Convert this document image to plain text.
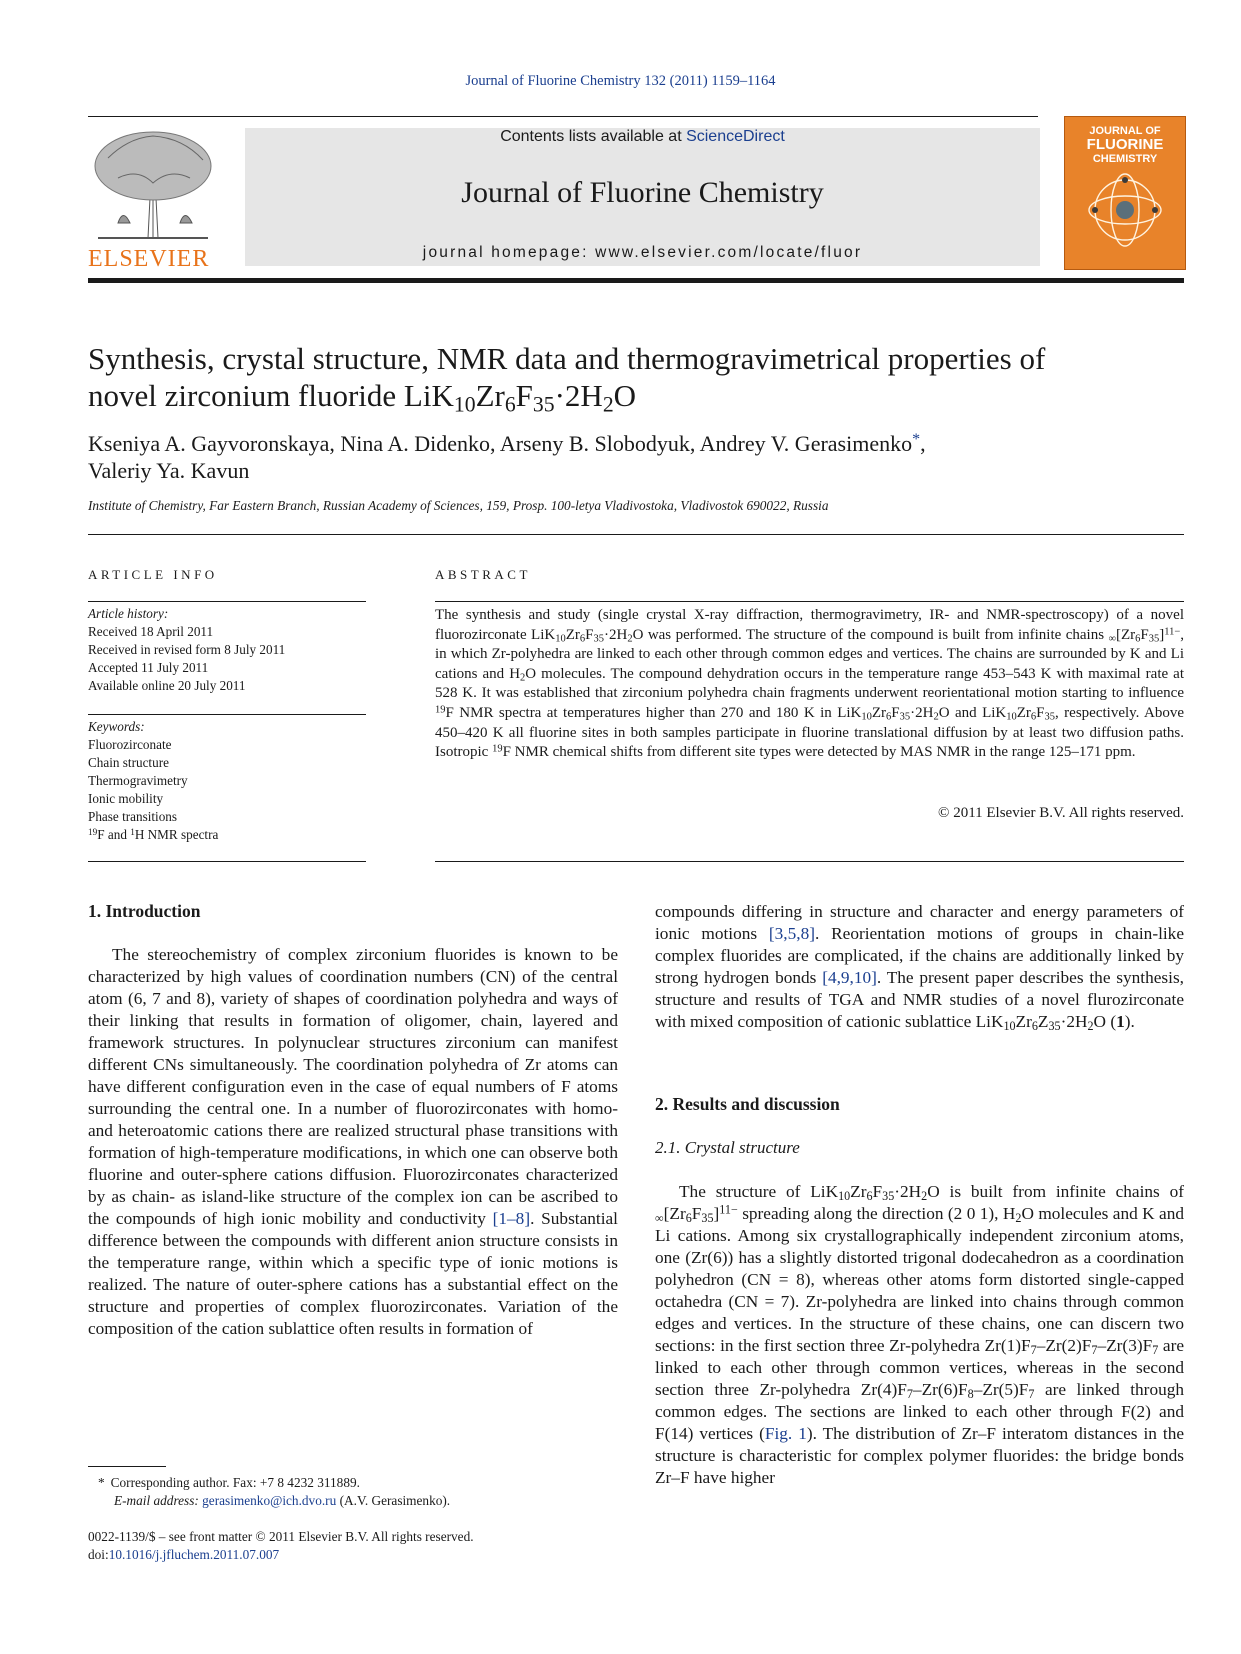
Journal of Fluorine Chemistry 132 (2011) 1159–1164
ELSEVIER
Contents lists available at ScienceDirect
Journal of Fluorine Chemistry
journal homepage: www.elsevier.com/locate/fluor
JOURNAL OF
FLUORINE
CHEMISTRY
Synthesis, crystal structure, NMR data and thermogravimetrical properties of
novel zirconium fluoride $LiK_{10}Zr_6F_{35}\cdot 2H_2O$
Kseniya A. Gayvoronskaya, Nina A. Didenko, Arseny B. Slobodyuk, Andrey V. Gerasimenko*,
Valeriy Ya. Kavun
Institute of Chemistry, Far Eastern Branch, Russian Academy of Sciences, 159, Prosp. 100-letya Vladivostoka, Vladivostok 690022, Russia
ARTICLE INFO
Article history:
Received 18 April 2011
Received in revised form 8 July 2011
Accepted 11 July 2011
Available online 20 July 2011
Keywords:
Fluorozirconate
Chain structure
Thermogravimetry
Ionic mobility
Phase transitions
$^{19}$F and $^1$H NMR spectra
ABSTRACT
The synthesis and study (single crystal X-ray diffraction, thermogravimetry, IR- and NMR-spectroscopy) of a novel fluorozirconate $LiK_{10}Zr_6F_{35}\cdot 2H_2O$ was performed. The structure of the compound is built from infinite chains $_\infty[Zr_6F_{35}]^{11-}$, in which Zr-polyhedra are linked to each other through common edges and vertices. The chains are surrounded by K and Li cations and $H_2O$ molecules. The compound dehydration occurs in the temperature range 453–543 K with maximal rate at 528 K. It was established that zirconium polyhedra chain fragments underwent reorientational motion starting to influence $^{19}$F NMR spectra at temperatures higher than 270 and 180 K in $LiK_{10}Zr_6F_{35}\cdot 2H_2O$ and $LiK_{10}Zr_6F_{35}$, respectively. Above 450–420 K all fluorine sites in both samples participate in fluorine translational diffusion by at least two diffusion paths. Isotropic $^{19}$F NMR chemical shifts from different site types were detected by MAS NMR in the range 125–171 ppm.
© 2011 Elsevier B.V. All rights reserved.
1. Introduction
The stereochemistry of complex zirconium fluorides is known to be characterized by high values of coordination numbers (CN) of the central atom (6, 7 and 8), variety of shapes of coordination polyhedra and ways of their linking that results in formation of oligomer, chain, layered and framework structures. In polynuclear structures zirconium can manifest different CNs simultaneously. The coordination polyhedra of Zr atoms can have different configuration even in the case of equal numbers of F atoms surrounding the central one. In a number of fluorozirconates with homo- and heteroatomic cations there are realized structural phase transitions with formation of high-temperature modifications, in which one can observe both fluorine and outer-sphere cations diffusion. Fluorozirconates characterized by as chain- as island-like structure of the complex ion can be ascribed to the compounds of high ionic mobility and conductivity [1–8]. Substantial difference between the compounds with different anion structure consists in the temperature range, within which a specific type of ionic motions is realized. The nature of outer-sphere cations has a substantial effect on the structure and properties of complex fluorozirconates. Variation of the composition of the cation sublattice often results in formation of
* Corresponding author. Fax: +7 8 4232 311889.
E-mail address: gerasimenko@ich.dvo.ru (A.V. Gerasimenko).
0022-1139/$ – see front matter © 2011 Elsevier B.V. All rights reserved.
doi:10.1016/j.jfluchem.2011.07.007
compounds differing in structure and character and energy parameters of ionic motions [3,5,8]. Reorientation motions of groups in chain-like complex fluorides are complicated, if the chains are additionally linked by strong hydrogen bonds [4,9,10]. The present paper describes the synthesis, structure and results of TGA and NMR studies of a novel flurozirconate with mixed composition of cationic sublattice $LiK_{10}Zr_6Z_{35}\cdot 2H_2O$ (1).
2. Results and discussion
2.1. Crystal structure
The structure of $LiK_{10}Zr_6F_{35}\cdot 2H_2O$ is built from infinite chains of $_\infty[Zr_6F_{35}]^{11-}$ spreading along the direction (2 0 1), $H_2O$ molecules and K and Li cations. Among six crystallographically independent zirconium atoms, one (Zr(6)) has a slightly distorted trigonal dodecahedron as a coordination polyhedron (CN = 8), whereas other atoms form distorted single-capped octahedra (CN = 7). Zr-polyhedra are linked into chains through common edges and vertices. In the structure of these chains, one can discern two sections: in the first section three Zr-polyhedra $Zr(1)F_7-Zr(2)F_7-Zr(3)F_7$ are linked to each other through common vertices, whereas in the second section three Zr-polyhedra $Zr(4)F_7-Zr(6)F_8-Zr(5)F_7$ are linked through common edges. The sections are linked to each other through F(2) and F(14) vertices (Fig. 1). The distribution of Zr–F interatom distances in the structure is characteristic for complex polymer fluorides: the bridge bonds Zr–F have higher
